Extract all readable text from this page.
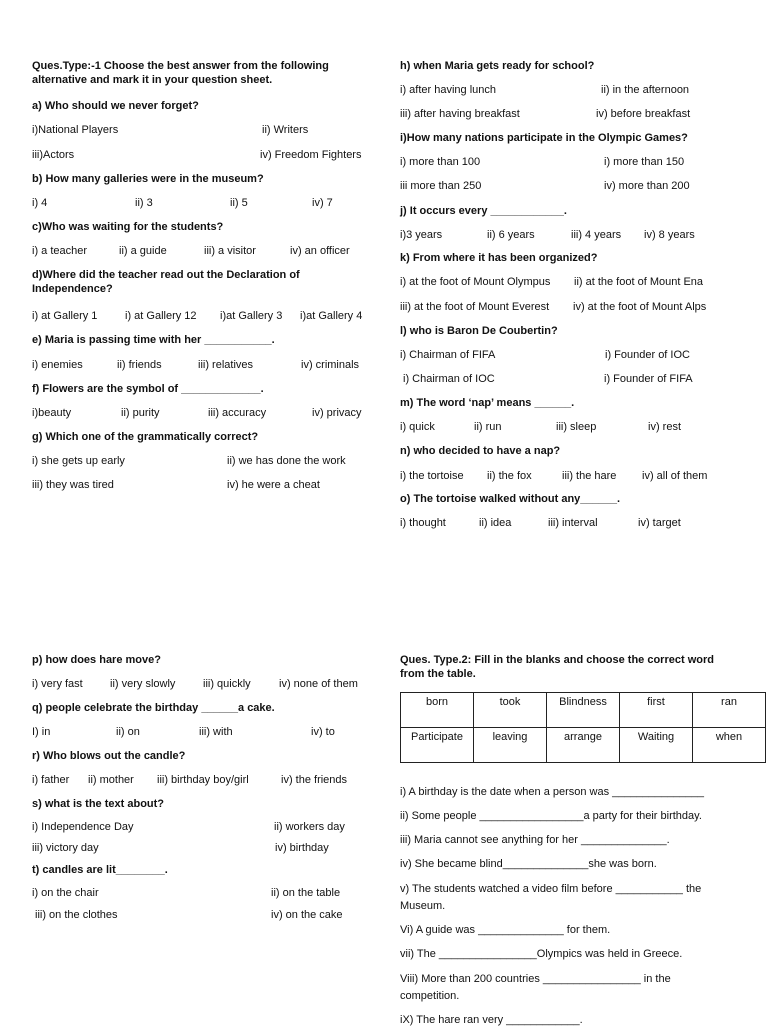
Ques.Type:-1 Choose the best answer from the following alternative and mark it in your question sheet.
a) Who should we never forget?
i)National Players	ii) Writers
iii)Actors	iv) Freedom Fighters
b) How many galleries were in the museum?
i) 4	ii) 3	ii) 5	iv) 7
c)Who was waiting for the students?
i) a teacher	ii) a guide	iii) a visitor	iv) an officer
d)Where did the teacher read out the Declaration of Independence?
i) at Gallery 1	i) at Gallery 12 i)at Gallery 3 i)at Gallery 4
e) Maria is passing time with her ___________.
i) enemies	ii) friends	iii) relatives	iv) criminals
f) Flowers are the symbol of _____________.
i)beauty	ii) purity	iii) accuracy	iv) privacy
g) Which one of the grammatically correct?
i) she gets up early	ii) we has done the work
iii) they was tired	iv) he were a cheat
h) when Maria gets ready for school?
i) after having lunch	ii) in the afternoon
iii) after having breakfast	iv) before breakfast
i)How many nations participate in the Olympic Games?
i) more than 100	i) more than 150
iii more than 250	iv) more than 200
j) It occurs every ____________.
i)3 years	ii) 6 years	iii) 4 years iv) 8 years
k) From where it has been organized?
i) at the foot of Mount Olympus ii) at the foot of Mount Ena
iii) at the foot of Mount Everest iv) at the foot of Mount Alps
l) who is Baron De Coubertin?
i) Chairman of FIFA	i) Founder of IOC
i) Chairman of IOC	i) Founder of FIFA
m) The word ‘nap’ means ______.
i) quick	ii) run	iii) sleep	iv) rest
n) who decided to have a nap?
i) the tortoise ii) the fox	iii) the hare iv) all of them
o) The tortoise walked without any______.
i) thought	ii) idea	iii) interval	iv) target
p) how does hare move?
i) very fast ii) very slowly	iii) quickly	iv) none of them
q) people celebrate the birthday ______a cake.
I) in	ii) on	iii) with	iv) to
r) Who blows out the candle?
i) father ii) mother iii) birthday boy/girl	iv) the friends
s) what is the text about?
i) Independence Day	ii) workers day
iii) victory day	iv) birthday
t) candles are lit________.
i) on the chair	ii) on the table
iii) on the clothes	iv) on the cake
Ques. Type.2: Fill in the blanks and choose the correct word from the table.
born	took	Blindness	first	ran
Participate	leaving	arrange	Waiting	when
i) A birthday is the date when a person was _______________
ii) Some people _________________a party for their birthday.
iii) Maria cannot see anything for her ______________.
iv) She became blind______________she was born.
v) The students watched a video film before ___________ the Museum.
Vi) A guide was ______________ for them.
vii) The ________________Olympics was held in Greece.
Viii) More than 200 countries ________________ in the competition.
iX) The hare ran very ____________.
